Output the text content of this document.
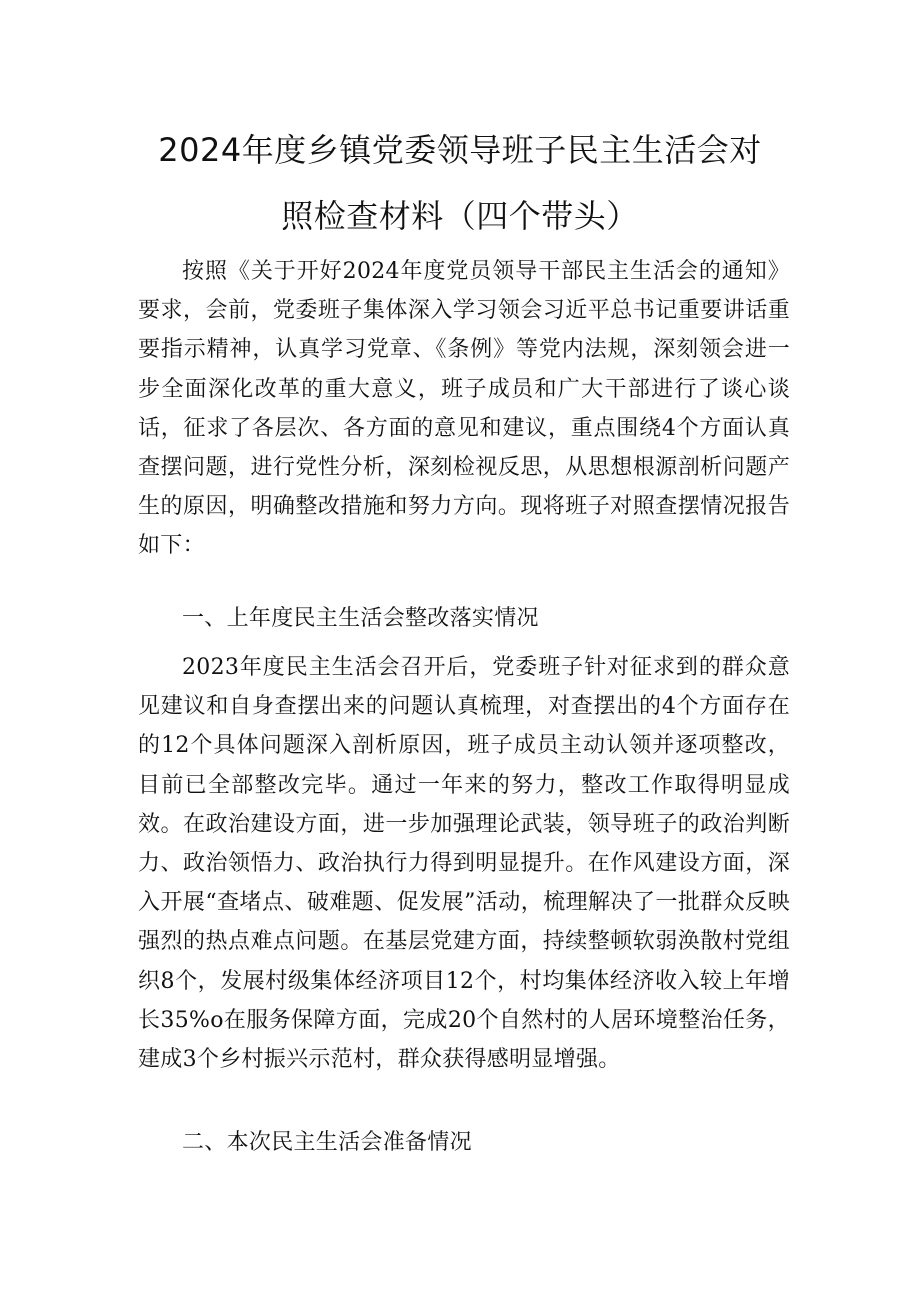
2024年度乡镇党委领导班子民主生活会对
照检查材料（四个带头）

按照《关于开好2024年度党员领导干部民主生活会的通知》要求，会前，党委班子集体深入学习领会习近平总书记重要讲话重要指示精神，认真学习党章、《条例》等党内法规，深刻领会进一步全面深化改革的重大意义，班子成员和广大干部进行了谈心谈话，征求了各层次、各方面的意见和建议，重点围绕4个方面认真查摆问题，进行党性分析，深刻检视反思，从思想根源剖析问题产生的原因，明确整改措施和努力方向。现将班子对照查摆情况报告如下：

一、上年度民主生活会整改落实情况

2023年度民主生活会召开后，党委班子针对征求到的群众意见建议和自身查摆出来的问题认真梳理，对查摆出的4个方面存在的12个具体问题深入剖析原因，班子成员主动认领并逐项整改，目前已全部整改完毕。通过一年来的努力，整改工作取得明显成效。在政治建设方面，进一步加强理论武装，领导班子的政治判断力、政治领悟力、政治执行力得到明显提升。在作风建设方面，深入开展“查堵点、破难题、促发展”活动，梳理解决了一批群众反映强烈的热点难点问题。在基层党建方面，持续整顿软弱涣散村党组织8个，发展村级集体经济项目12个，村均集体经济收入较上年增长35%o在服务保障方面，完成20个自然村的人居环境整治任务，建成3个乡村振兴示范村，群众获得感明显增强。

二、本次民主生活会准备情况
